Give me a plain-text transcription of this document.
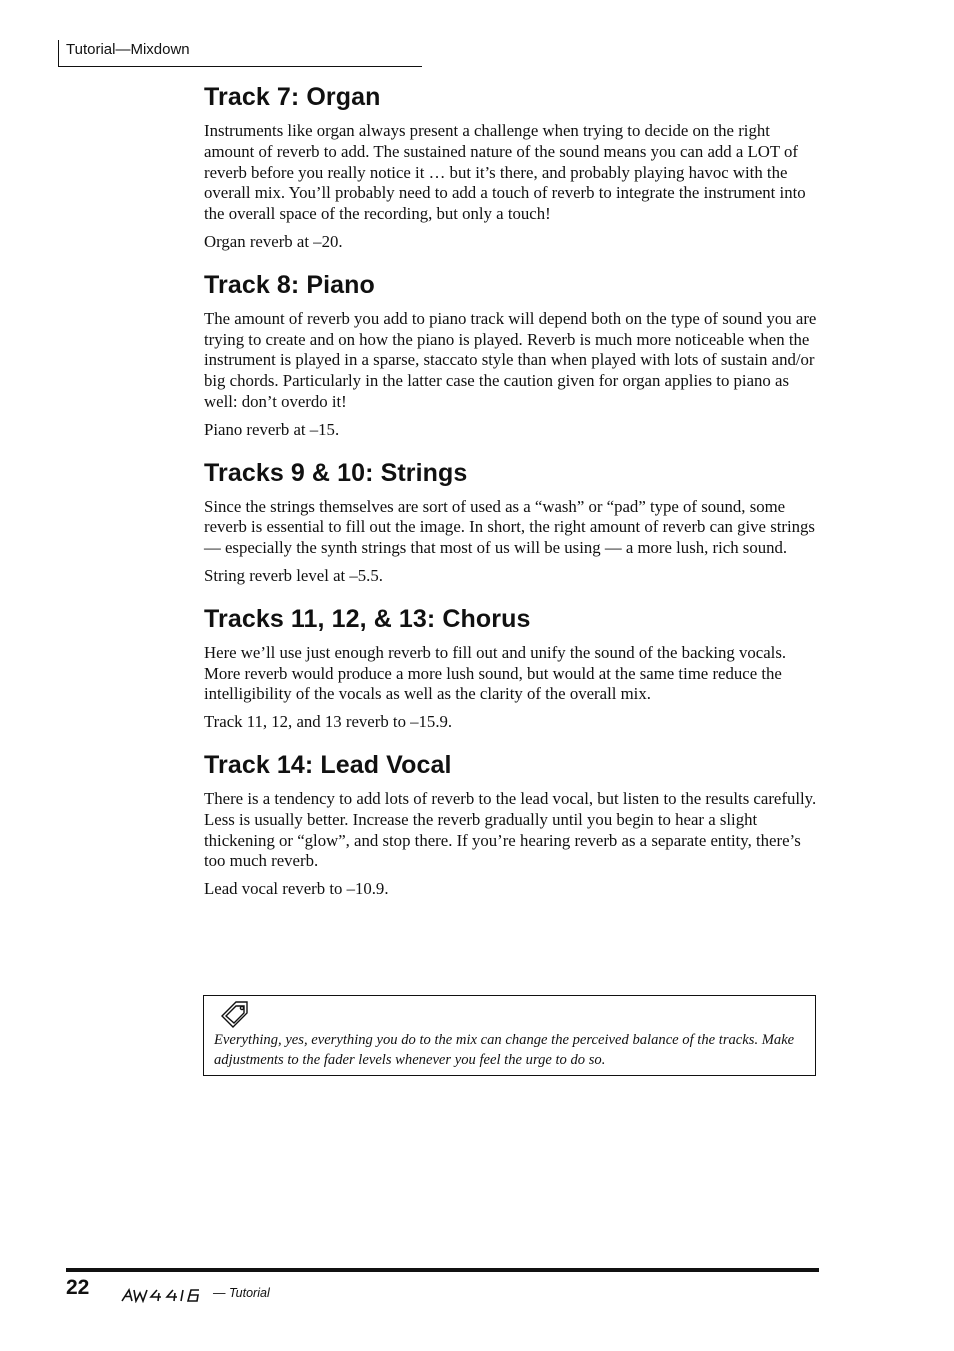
Tutorial—Mixdown
Track 7: Organ

Instruments like organ always present a challenge when trying to decide on the right amount of reverb to add. The sustained nature of the sound means you can add a LOT of reverb before you really notice it … but it’s there, and probably playing havoc with the overall mix. You’ll probably need to add a touch of reverb to integrate the instrument into the overall space of the recording, but only a touch!

Organ reverb at –20.

Track 8: Piano

The amount of reverb you add to piano track will depend both on the type of sound you are trying to create and on how the piano is played. Reverb is much more noticeable when the instrument is played in a sparse, staccato style than when played with lots of sustain and/or big chords. Particularly in the latter case the caution given for organ applies to piano as well: don’t overdo it!

Piano reverb at –15.

Tracks 9 & 10: Strings

Since the strings themselves are sort of used as a “wash” or “pad” type of sound, some reverb is essential to fill out the image. In short, the right amount of reverb can give strings — especially the synth strings that most of us will be using — a more lush, rich sound.

String reverb level at –5.5.

Tracks 11, 12, & 13: Chorus

Here we’ll use just enough reverb to fill out and unify the sound of the backing vocals. More reverb would produce a more lush sound, but would at the same time reduce the intelligibility of the vocals as well as the clarity of the overall mix.

Track 11, 12, and 13 reverb to –15.9.

Track 14: Lead Vocal

There is a tendency to add lots of reverb to the lead vocal, but listen to the results carefully. Less is usually better. Increase the reverb gradually until you begin to hear a slight thickening or “glow”, and stop there. If you’re hearing reverb as a separate entity, there’s too much reverb.

Lead vocal reverb to –10.9.

Everything, yes, everything you do to the mix can change the perceived balance of the tracks. Make adjustments to the fader levels whenever you feel the urge to do so.
22	— Tutorial
